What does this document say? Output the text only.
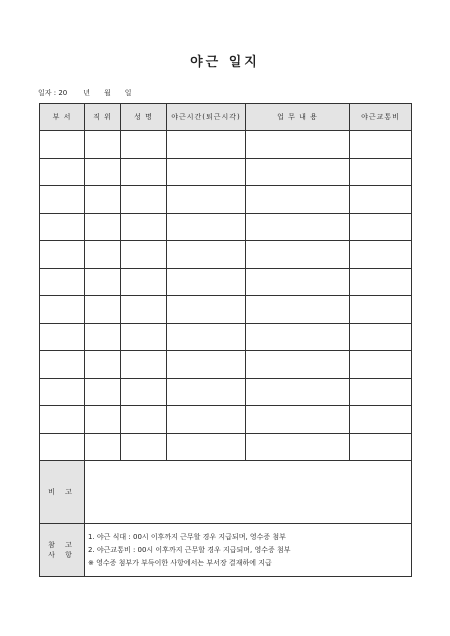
야근 일지
일자 : 20 년 월 일
부 서	직 위	성 명	야근시간(퇴근시각)	업 무 내 용	야근교통비

비 고					
참 고 사 항	1. 야근 식대 : 00시 이후까지 근무할 경우 지급되며, 영수증 첨부
2. 야근교통비 : 00시 이후까지 근무할 경우 지급되며, 영수증 첨부
※ 영수증 첨부가 부득이한 사항에서는 부서장 결재하에 지급				
